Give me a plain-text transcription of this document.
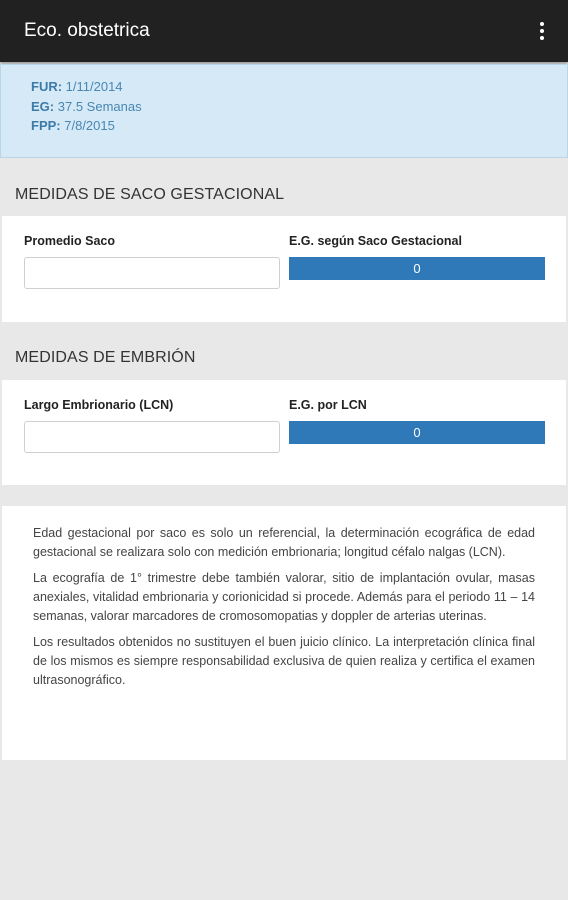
Eco. obstetrica
FUR: 1/11/2014
EG: 37.5 Semanas
FPP: 7/8/2015
MEDIDAS DE SACO GESTACIONAL
Promedio Saco	E.G. según Saco Gestacional
0
MEDIDAS DE EMBRIÓN
Largo Embrionario (LCN)	E.G. por LCN
0

Edad gestacional por saco es solo un referencial, la determinación ecográfica de edad gestacional se realizara solo con medición embrionaria; longitud céfalo nalgas (LCN).

La ecografía de 1° trimestre debe también valorar, sitio de implantación ovular, masas anexiales, vitalidad embrionaria y corionicidad si procede. Además para el periodo 11 – 14 semanas, valorar marcadores de cromosomopatias y doppler de arterias uterinas.

Los resultados obtenidos no sustituyen el buen juicio clínico. La interpretación clínica final de los mismos es siempre responsabilidad exclusiva de quien realiza y certifica el examen ultrasonográfico.
